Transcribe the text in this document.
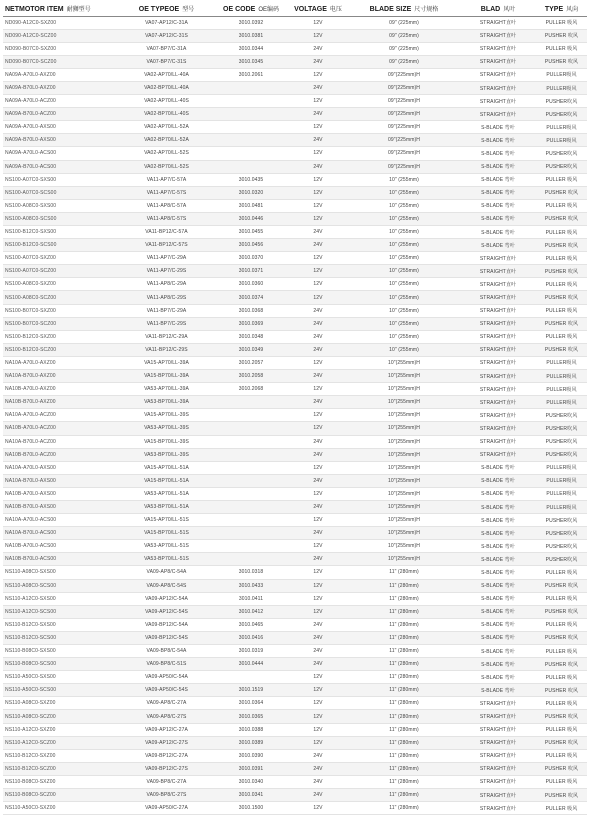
NETMOTOR ITEM 耐狮型号	OE TYPEOE 型号	OE CODE OE编码	VOLTAGE 电压	BLADE SIZE 尺寸规格	BLAD 风叶	TYPE 风向
ND090-A12C0-SXZ00	VA07-AP12/C-31A	3010.0392	12V	09" (225mm)	STRAIGHT直叶	PULLER 吸风
ND090-A12C0-SCZ00	VA07-AP12/C-31S	3010.0381	12V	09" (225mm)	STRAIGHT直叶	PUSHER 吹风
ND090-B07C0-SXZ00	VA07-BP7/C-31A	3010.0344	24V	09" (225mm)	STRAIGHT直叶	PULLER 吸风
ND090-B07C0-SCZ00	VA07-BP7/C-31S	3010.0345	24V	09" (225mm)	STRAIGHT直叶	PUSHER 吹风
NA09A-A70L0-AXZ00	VA02-AP70/LL-40A	3010.2061	12V	09"(225mm)H	STRAIGHT直叶	PULLER吸风
NA09A-B70L0-AXZ00	VA02-BP70/LL-40A		24V	09"(225mm)H	STRAIGHT直叶	PULLER吸风
NA09A-A70L0-ACZ00	VA02-AP70/LL-40S		12V	09"(225mm)H	STRAIGHT直叶	PUSHER吹风
NA09A-B70L0-ACZ00	VA02-BP70/LL-40S		24V	09"(225mm)H	STRAIGHT直叶	PUSHER吹风
NA09A-A70L0-AXS00	VA02-AP70/LL-52A		12V	09"(225mm)H	S-BLADE 弯叶	PULLER吸风
NA09A-B70L0-AXS00	VA02-BP70/LL-52A		24V	09"(225mm)H	S-BLADE 弯叶	PULLER吸风
NA09A-A70L0-ACS00	VA02-AP70/LL-52S		12V	09"(225mm)H	S-BLADE 弯叶	PUSHER吹风
NA09A-B70L0-ACS00	VA02-BP70/LL-52S		24V	09"(225mm)H	S-BLADE 弯叶	PUSHER吹风
NS100-A07C0-SXS00	VA11-AP7/C-57A	3010.0435	12V	10" (255mm)	S-BLADE 弯叶	PULLER 吸风
NS100-A07C0-SCS00	VA11-AP7/C-57S	3010.0320	12V	10" (255mm)	S-BLADE 弯叶	PUSHER 吹风
NS100-A08C0-SXS00	VA11-AP8/C-57A	3010.0481	12V	10" (255mm)	S-BLADE 弯叶	PULLER 吸风
NS100-A08C0-SCS00	VA11-AP8/C-57S	3010.0446	12V	10" (255mm)	S-BLADE 弯叶	PUSHER 吹风
NS100-B12C0-SXS00	VA11-BP12/C-57A	3010.0455	24V	10" (255mm)	S-BLADE 弯叶	PULLER 吸风
NS100-B12C0-SCS00	VA11-BP12/C-57S	3010.0456	24V	10" (255mm)	S-BLADE 弯叶	PUSHER 吹风
NS100-A07C0-SXZ00	VA11-AP7/C-29A	3010.0370	12V	10" (255mm)	STRAIGHT直叶	PULLER 吸风
NS100-A07C0-SCZ00	VA11-AP7/C-29S	3010.0371	12V	10" (255mm)	STRAIGHT直叶	PUSHER 吹风
NS100-A08C0-SXZ00	VA11-AP8/C-29A	3010.0360	12V	10" (255mm)	STRAIGHT直叶	PULLER 吸风
NS100-A08C0-SCZ00	VA11-AP8/C-29S	3010.0374	12V	10" (255mm)	STRAIGHT直叶	PUSHER 吹风
NS100-B07C0-SXZ00	VA11-BP7/C-29A	3010.0368	24V	10" (255mm)	STRAIGHT直叶	PULLER 吸风
NS100-B07C0-SCZ00	VA11-BP7/C-29S	3010.0369	24V	10" (255mm)	STRAIGHT直叶	PUSHER 吹风
NS100-B12C0-SXZ00	VA11-BP12/C-29A	3010.0348	24V	10" (255mm)	STRAIGHT直叶	PULLER 吸风
NS100-B12C0-SCZ00	VA11-BP12/C-29S	3010.0349	24V	10" (255mm)	STRAIGHT直叶	PUSHER 吹风
NA10A-A70L0-AXZ00	VA15-AP70/LL-39A	3010.2057	12V	10"(255mm)H	STRAIGHT直叶	PULLER吸风
NA10A-B70L0-AXZ00	VA15-BP70/LL-39A	3010.2058	24V	10"(255mm)H	STRAIGHT直叶	PULLER吸风
NA10B-A70L0-AXZ00	VA53-AP70/LL-39A	3010.2068	12V	10"(255mm)H	STRAIGHT直叶	PULLER吸风
NA10B-B70L0-AXZ00	VA53-BP70/LL-39A		24V	10"(255mm)H	STRAIGHT直叶	PULLER吸风
NA10A-A70L0-ACZ00	VA15-AP70/LL-39S		12V	10"(255mm)H	STRAIGHT直叶	PUSHER吹风
NA10B-A70L0-ACZ00	VA53-AP70/LL-39S		12V	10"(255mm)H	STRAIGHT直叶	PUSHER吹风
NA10A-B70L0-ACZ00	VA15-BP70/LL-39S		24V	10"(255mm)H	STRAIGHT直叶	PUSHER吹风
NA10B-B70L0-ACZ00	VA53-BP70/LL-39S		24V	10"(255mm)H	STRAIGHT直叶	PUSHER吹风
NA10A-A70L0-AXS00	VA15-AP70/LL-51A		12V	10"(255mm)H	S-BLADE 弯叶	PULLER吸风
NA10A-B70L0-AXS00	VA15-BP70/LL-51A		24V	10"(255mm)H	S-BLADE 弯叶	PULLER吸风
NA10B-A70L0-AXS00	VA53-AP70/LL-51A		12V	10"(255mm)H	S-BLADE 弯叶	PULLER吸风
NA10B-B70L0-AXS00	VA53-BP70/LL-51A		24V	10"(255mm)H	S-BLADE 弯叶	PULLER吸风
NA10A-A70L0-ACS00	VA15-AP70/LL-51S		12V	10"(255mm)H	S-BLADE 弯叶	PUSHER吹风
NA10A-B70L0-ACS00	VA15-BP70/LL-51S		24V	10"(255mm)H	S-BLADE 弯叶	PUSHER吹风
NA10B-A70L0-ACS00	VA53-AP70/LL-51S		12V	10"(255mm)H	S-BLADE 弯叶	PUSHER吹风
NA10B-B70L0-ACS00	VA53-BP70/LL-51S		24V	10"(255mm)H	S-BLADE 弯叶	PUSHER吹风
NS110-A08C0-SXS00	VA09-AP8/C-54A	3010.0318	12V	11" (280mm)	S-BLADE 弯叶	PULLER 吸风
NS110-A08C0-SCS00	VA09-AP8/C-54S	3010.0433	12V	11" (280mm)	S-BLADE 弯叶	PUSHER 吹风
NS110-A12C0-SXS00	VA09-AP12/C-54A	3010.0411	12V	11" (280mm)	S-BLADE 弯叶	PULLER 吸风
NS110-A12C0-SCS00	VA09-AP12/C-54S	3010.0412	12V	11" (280mm)	S-BLADE 弯叶	PUSHER 吹风
NS110-B12C0-SXS00	VA09-BP12/C-54A	3010.0465	24V	11" (280mm)	S-BLADE 弯叶	PULLER 吸风
NS110-B12C0-SCS00	VA09-BP12/C-54S	3010.0416	24V	11" (280mm)	S-BLADE 弯叶	PUSHER 吹风
NS110-B08C0-SXS00	VA09-BP8/C-54A	3010.0319	24V	11" (280mm)	S-BLADE 弯叶	PULLER 吸风
NS110-B08C0-SCS00	VA09-BP8/C-51S	3010.0444	24V	11" (280mm)	S-BLADE 弯叶	PUSHER 吹风
NS110-A50C0-SXS00	VA09-AP50/C-54A		12V	11" (280mm)	S-BLADE 弯叶	PULLER 吸风
NS110-A50C0-SCS00	VA09-AP50/C-54S	3010.1519	12V	11" (280mm)	S-BLADE 弯叶	PUSHER 吹风
NS110-A08C0-SXZ00	VA09-AP8/C-27A	3010.0364	12V	11" (280mm)	STRAIGHT直叶	PULLER 吸风
NS110-A08C0-SCZ00	VA09-AP8/C-27S	3010.0365	12V	11" (280mm)	STRAIGHT直叶	PUSHER 吹风
NS110-A12C0-SXZ00	VA09-AP12/C-27A	3010.0388	12V	11" (280mm)	STRAIGHT直叶	PULLER 吸风
NS110-A12C0-SCZ00	VA09-AP12/C-27S	3010.0389	12V	11" (280mm)	STRAIGHT直叶	PUSHER 吹风
NS110-B12C0-SXZ00	VA09-BP12/C-27A	3010.0390	24V	11" (280mm)	STRAIGHT直叶	PULLER 吸风
NS110-B12C0-SCZ00	VA09-BP12/C-27S	3010.0391	24V	11" (280mm)	STRAIGHT直叶	PUSHER 吹风
NS110-B08C0-SXZ00	VA09-BP8/C-27A	3010.0340	24V	11" (280mm)	STRAIGHT直叶	PULLER 吸风
NS110-B08C0-SCZ00	VA09-BP8/C-27S	3010.0341	24V	11" (280mm)	STRAIGHT直叶	PUSHER 吹风
NS110-A50C0-SXZ00	VA09-AP50/C-27A	3010.1500	12V	11" (280mm)	STRAIGHT直叶	PULLER 吸风
